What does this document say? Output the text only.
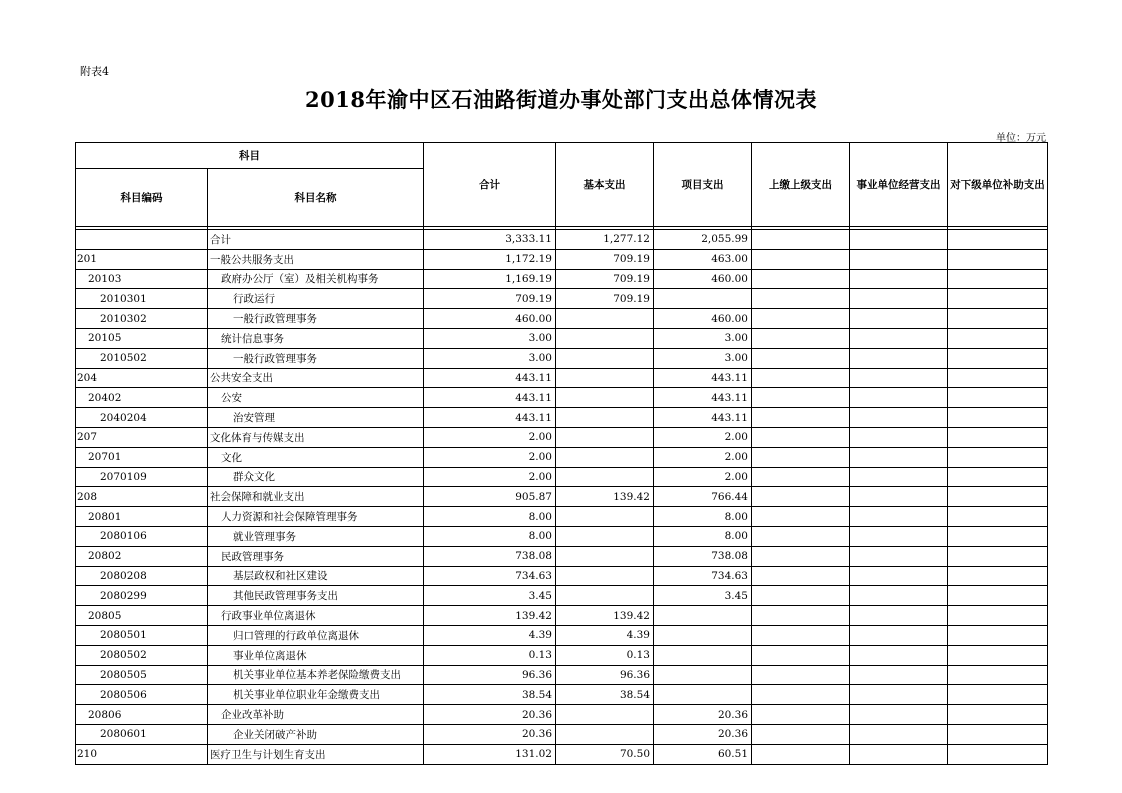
附表4
2018年渝中区石油路街道办事处部门支出总体情况表
单位：万元
科目		合计	基本支出	项目支出	上缴上级支出	事业单位经营支出	对下级单位补助支出
科目编码	科目名称						

	合计	3,333.11	1,277.12	2,055.99			
201	一般公共服务支出	1,172.19	709.19	463.00			
20103	政府办公厅（室）及相关机构事务	1,169.19	709.19	460.00			
2010301	行政运行	709.19	709.19				
2010302	一般行政管理事务	460.00		460.00			
20105	统计信息事务	3.00		3.00			
2010502	一般行政管理事务	3.00		3.00			
204	公共安全支出	443.11		443.11			
20402	公安	443.11		443.11			
2040204	治安管理	443.11		443.11			
207	文化体育与传媒支出	2.00		2.00			
20701	文化	2.00		2.00			
2070109	群众文化	2.00		2.00			
208	社会保障和就业支出	905.87	139.42	766.44			
20801	人力资源和社会保障管理事务	8.00		8.00			
2080106	就业管理事务	8.00		8.00			
20802	民政管理事务	738.08		738.08			
2080208	基层政权和社区建设	734.63		734.63			
2080299	其他民政管理事务支出	3.45		3.45			
20805	行政事业单位离退休	139.42	139.42				
2080501	归口管理的行政单位离退休	4.39	4.39				
2080502	事业单位离退休	0.13	0.13				
2080505	机关事业单位基本养老保险缴费支出	96.36	96.36				
2080506	机关事业单位职业年金缴费支出	38.54	38.54				
20806	企业改革补助	20.36		20.36			
2080601	企业关闭破产补助	20.36		20.36			
210	医疗卫生与计划生育支出	131.02	70.50	60.51			
